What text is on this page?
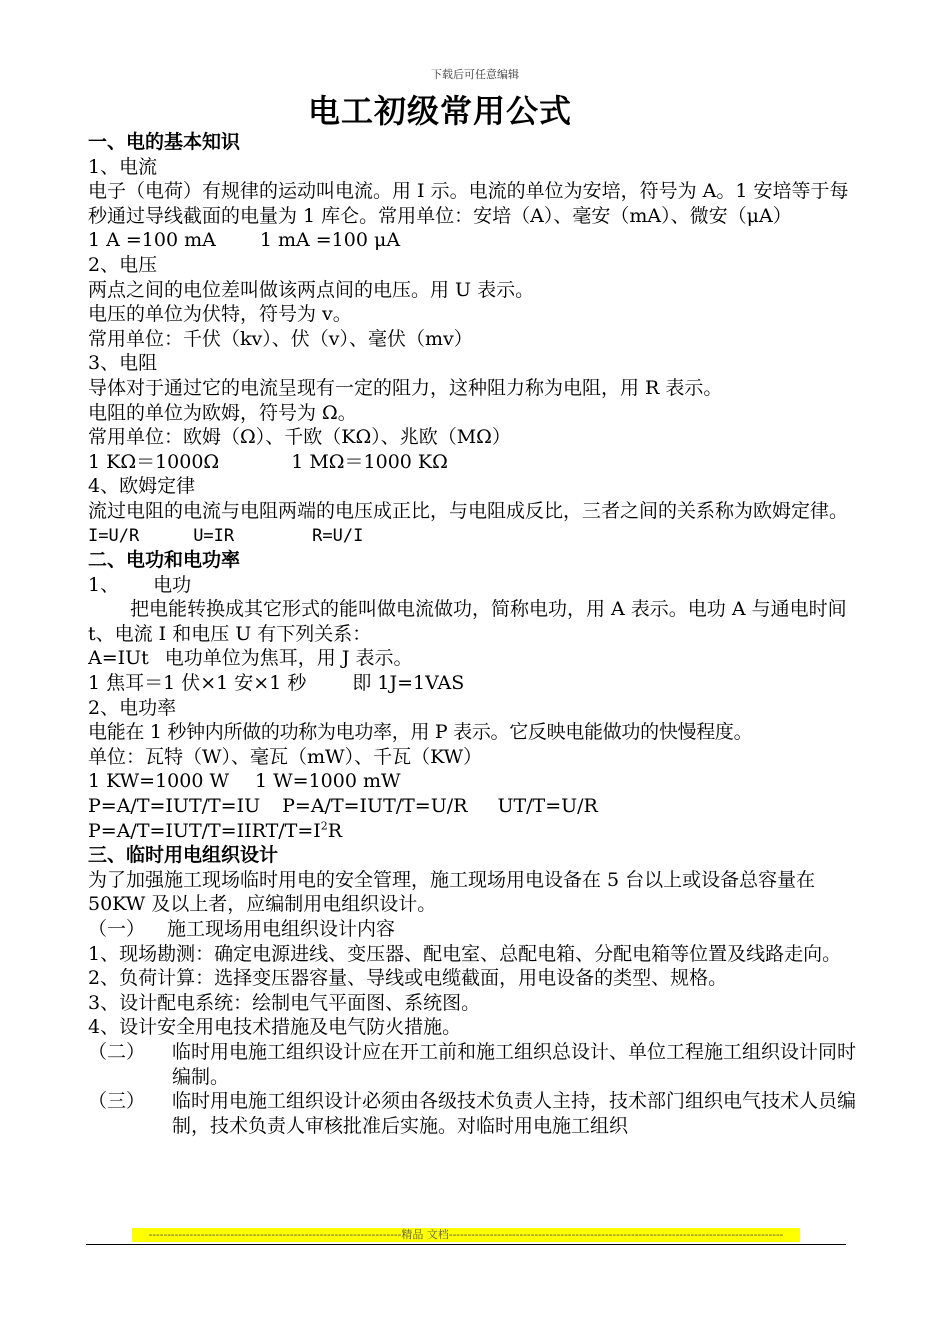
下载后可任意编辑
电工初级常用公式
一、电的基本知识
1、电流
电子（电荷）有规律的运动叫电流。用 I 示。电流的单位为安培，符号为 A。1 安培等于每秒通过导线截面的电量为 1 库仑。常用单位：安培（A）、毫安（mA）、微安（μA）
1 A =100 mA 1 mA =100 μA
2、电压
两点之间的电位差叫做该两点间的电压。用 U 表示。
电压的单位为伏特，符号为 v。
常用单位：千伏（kv）、伏（v）、毫伏（mv）
3、电阻
导体对于通过它的电流呈现有一定的阻力，这种阻力称为电阻，用 R 表示。
电阻的单位为欧姆，符号为 Ω。
常用单位：欧姆（Ω）、千欧（KΩ）、兆欧（MΩ）
1 KΩ＝1000Ω	1 MΩ＝1000 KΩ
4、欧姆定律
流过电阻的电流与电阻两端的电压成正比，与电阻成反比，三者之间的关系称为欧姆定律。
I=U/R	U=IR	R=U/I
二、电功和电功率
1、 电功
把电能转换成其它形式的能叫做电流做功，简称电功，用 A 表示。电功 A 与通电时间 t、电流 I 和电压 U 有下列关系：
A=IUt 电功单位为焦耳，用 J 表示。
1 焦耳＝1 伏×1 安×1 秒 即 1J=1VAS
2、电功率
电能在 1 秒钟内所做的功称为电功率，用 P 表示。它反映电能做功的快慢程度。
单位：瓦特（W）、毫瓦（mW）、千瓦（KW）
1 KW=1000 W 1 W=1000 mW
P=A/T=IUT/T=IU P=A/T=IUT/T=U/R UT/T=U/R
$P=A/T=IUT/T=IIRT/T=I^2R$
三、临时用电组织设计
为了加强施工现场临时用电的安全管理，施工现场用电设备在 5 台以上或设备总容量在 50KW 及以上者，应编制用电组织设计。
（一） 施工现场用电组织设计内容
1、现场勘测：确定电源进线、变压器、配电室、总配电箱、分配电箱等位置及线路走向。
2、负荷计算：选择变压器容量、导线或电缆截面，用电设备的类型、规格。
3、设计配电系统：绘制电气平面图、系统图。
4、设计安全用电技术措施及电气防火措施。
（二）	临时用电施工组织设计应在开工前和施工组织总设计、单位工程施工组织设计同时编制。
（三）	临时用电施工组织设计必须由各级技术负责人主持，技术部门组织电气技术人员编制，技术负责人审核批准后实施。对临时用电施工组织
--------------------------------------------------------------------精品 文档------------------------------------------------------------------------------------------
